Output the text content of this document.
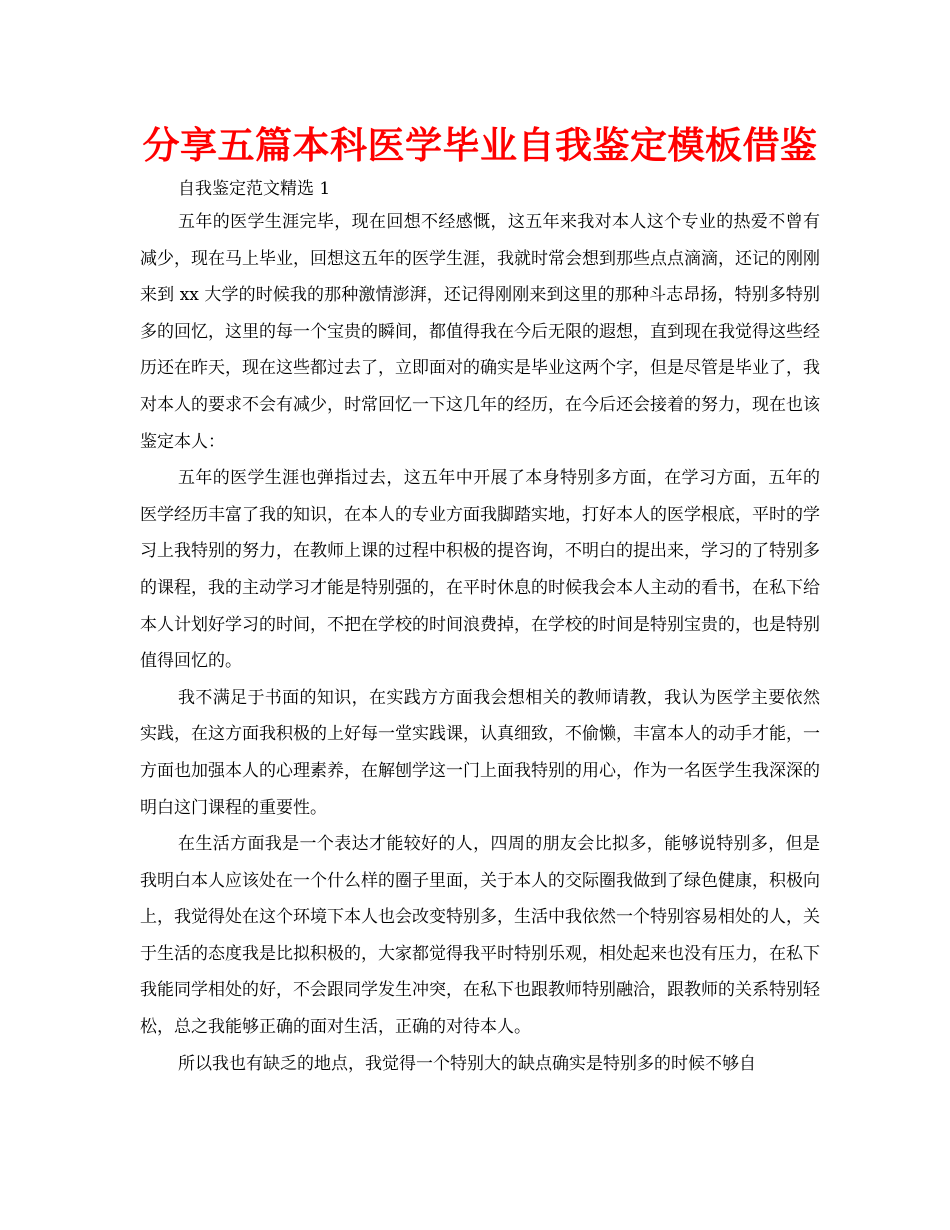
分享五篇本科医学毕业自我鉴定模板借鉴

自我鉴定范文精选 1

五年的医学生涯完毕，现在回想不经感慨，这五年来我对本人这个专业的热爱不曾有减少，现在马上毕业，回想这五年的医学生涯，我就时常会想到那些点点滴滴，还记的刚刚来到 xx 大学的时候我的那种激情澎湃，还记得刚刚来到这里的那种斗志昂扬，特别多特别多的回忆，这里的每一个宝贵的瞬间，都值得我在今后无限的遐想，直到现在我觉得这些经历还在昨天，现在这些都过去了，立即面对的确实是毕业这两个字，但是尽管是毕业了，我对本人的要求不会有减少，时常回忆一下这几年的经历，在今后还会接着的努力，现在也该鉴定本人：

五年的医学生涯也弹指过去，这五年中开展了本身特别多方面，在学习方面，五年的医学经历丰富了我的知识，在本人的专业方面我脚踏实地，打好本人的医学根底，平时的学习上我特别的努力，在教师上课的过程中积极的提咨询，不明白的提出来，学习的了特别多的课程，我的主动学习才能是特别强的，在平时休息的时候我会本人主动的看书，在私下给本人计划好学习的时间，不把在学校的时间浪费掉，在学校的时间是特别宝贵的，也是特别值得回忆的。

我不满足于书面的知识，在实践方方面我会想相关的教师请教，我认为医学主要依然实践，在这方面我积极的上好每一堂实践课，认真细致，不偷懒，丰富本人的动手才能，一方面也加强本人的心理素养，在解刨学这一门上面我特别的用心，作为一名医学生我深深的明白这门课程的重要性。

在生活方面我是一个表达才能较好的人，四周的朋友会比拟多，能够说特别多，但是我明白本人应该处在一个什么样的圈子里面，关于本人的交际圈我做到了绿色健康，积极向上，我觉得处在这个环境下本人也会改变特别多，生活中我依然一个特别容易相处的人，关于生活的态度我是比拟积极的，大家都觉得我平时特别乐观，相处起来也没有压力，在私下我能同学相处的好，不会跟同学发生冲突，在私下也跟教师特别融洽，跟教师的关系特别轻松，总之我能够正确的面对生活，正确的对待本人。

所以我也有缺乏的地点，我觉得一个特别大的缺点确实是特别多的时候不够自
